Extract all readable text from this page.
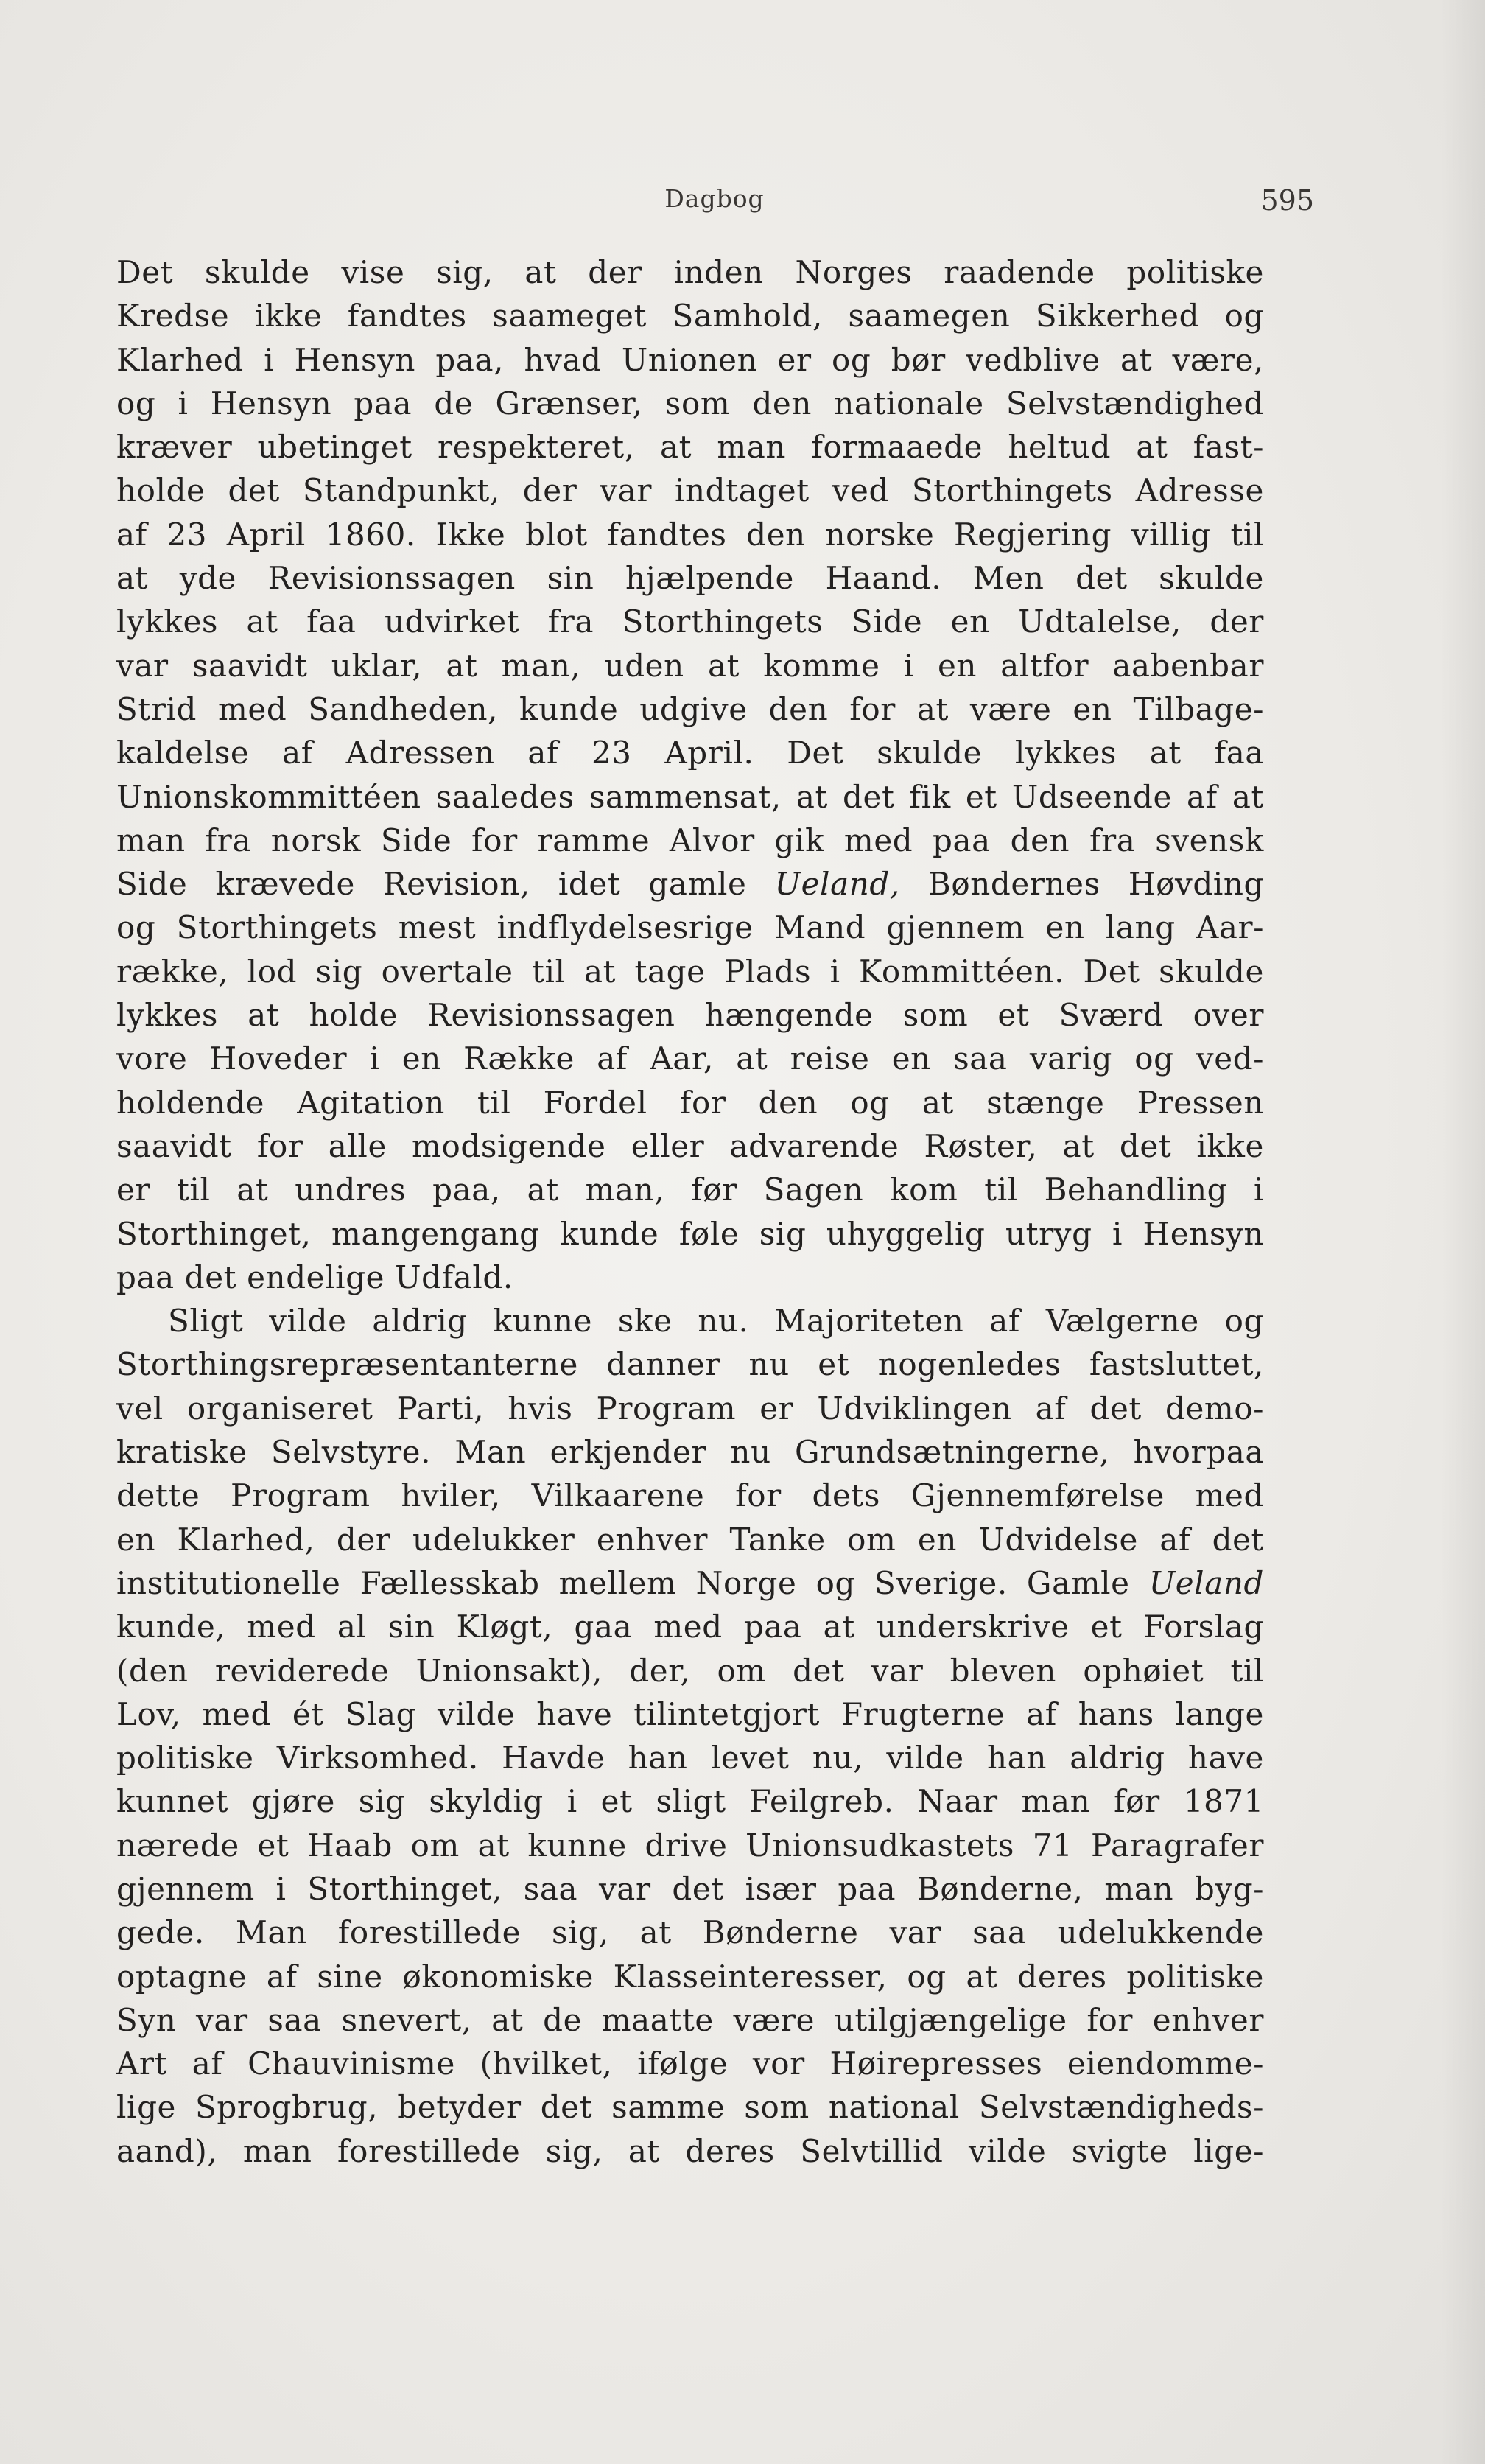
Dagbog	595
Det skulde vise sig, at der inden Norges raadende politiske
Kredse ikke fandtes saameget Samhold, saamegen Sikkerhed og
Klarhed i Hensyn paa, hvad Unionen er og bør vedblive at være,
og i Hensyn paa de Grænser, som den nationale Selvstændighed
kræver ubetinget respekteret, at man formaaede heltud at fast-
holde det Standpunkt, der var indtaget ved Storthingets Adresse
af 23 April 1860. Ikke blot fandtes den norske Regjering villig til
at yde Revisionssagen sin hjælpende Haand. Men det skulde
lykkes at faa udvirket fra Storthingets Side en Udtalelse, der
var saavidt uklar, at man, uden at komme i en altfor aabenbar
Strid med Sandheden, kunde udgive den for at være en Tilbage-
kaldelse af Adressen af 23 April. Det skulde lykkes at faa
Unionskommittéen saaledes sammensat, at det fik et Udseende af at
man fra norsk Side for ramme Alvor gik med paa den fra svensk
Side krævede Revision, idet gamle Ueland, Bøndernes Høvding
og Storthingets mest indflydelsesrige Mand gjennem en lang Aar-
række, lod sig overtale til at tage Plads i Kommittéen. Det skulde
lykkes at holde Revisionssagen hængende som et Sværd over
vore Hoveder i en Række af Aar, at reise en saa varig og ved-
holdende Agitation til Fordel for den og at stænge Pressen
saavidt for alle modsigende eller advarende Røster, at det ikke
er til at undres paa, at man, før Sagen kom til Behandling i
Storthinget, mangengang kunde føle sig uhyggelig utryg i Hensyn
paa det endelige Udfald.
Sligt vilde aldrig kunne ske nu. Majoriteten af Vælgerne og
Storthingsrepræsentanterne danner nu et nogenledes fastsluttet,
vel organiseret Parti, hvis Program er Udviklingen af det demo-
kratiske Selvstyre. Man erkjender nu Grundsætningerne, hvorpaa
dette Program hviler, Vilkaarene for dets Gjennemførelse med
en Klarhed, der udelukker enhver Tanke om en Udvidelse af det
institutionelle Fællesskab mellem Norge og Sverige. Gamle Ueland
kunde, med al sin Kløgt, gaa med paa at underskrive et Forslag
(den reviderede Unionsakt), der, om det var bleven ophøiet til
Lov, med ét Slag vilde have tilintetgjort Frugterne af hans lange
politiske Virksomhed. Havde han levet nu, vilde han aldrig have
kunnet gjøre sig skyldig i et sligt Feilgreb. Naar man før 1871
nærede et Haab om at kunne drive Unionsudkastets 71 Paragrafer
gjennem i Storthinget, saa var det især paa Bønderne, man byg-
gede. Man forestillede sig, at Bønderne var saa udelukkende
optagne af sine økonomiske Klasseinteresser, og at deres politiske
Syn var saa snevert, at de maatte være utilgjængelige for enhver
Art af Chauvinisme (hvilket, ifølge vor Høirepresses eiendomme-
lige Sprogbrug, betyder det samme som national Selvstændigheds-
aand), man forestillede sig, at deres Selvtillid vilde svigte lige-
